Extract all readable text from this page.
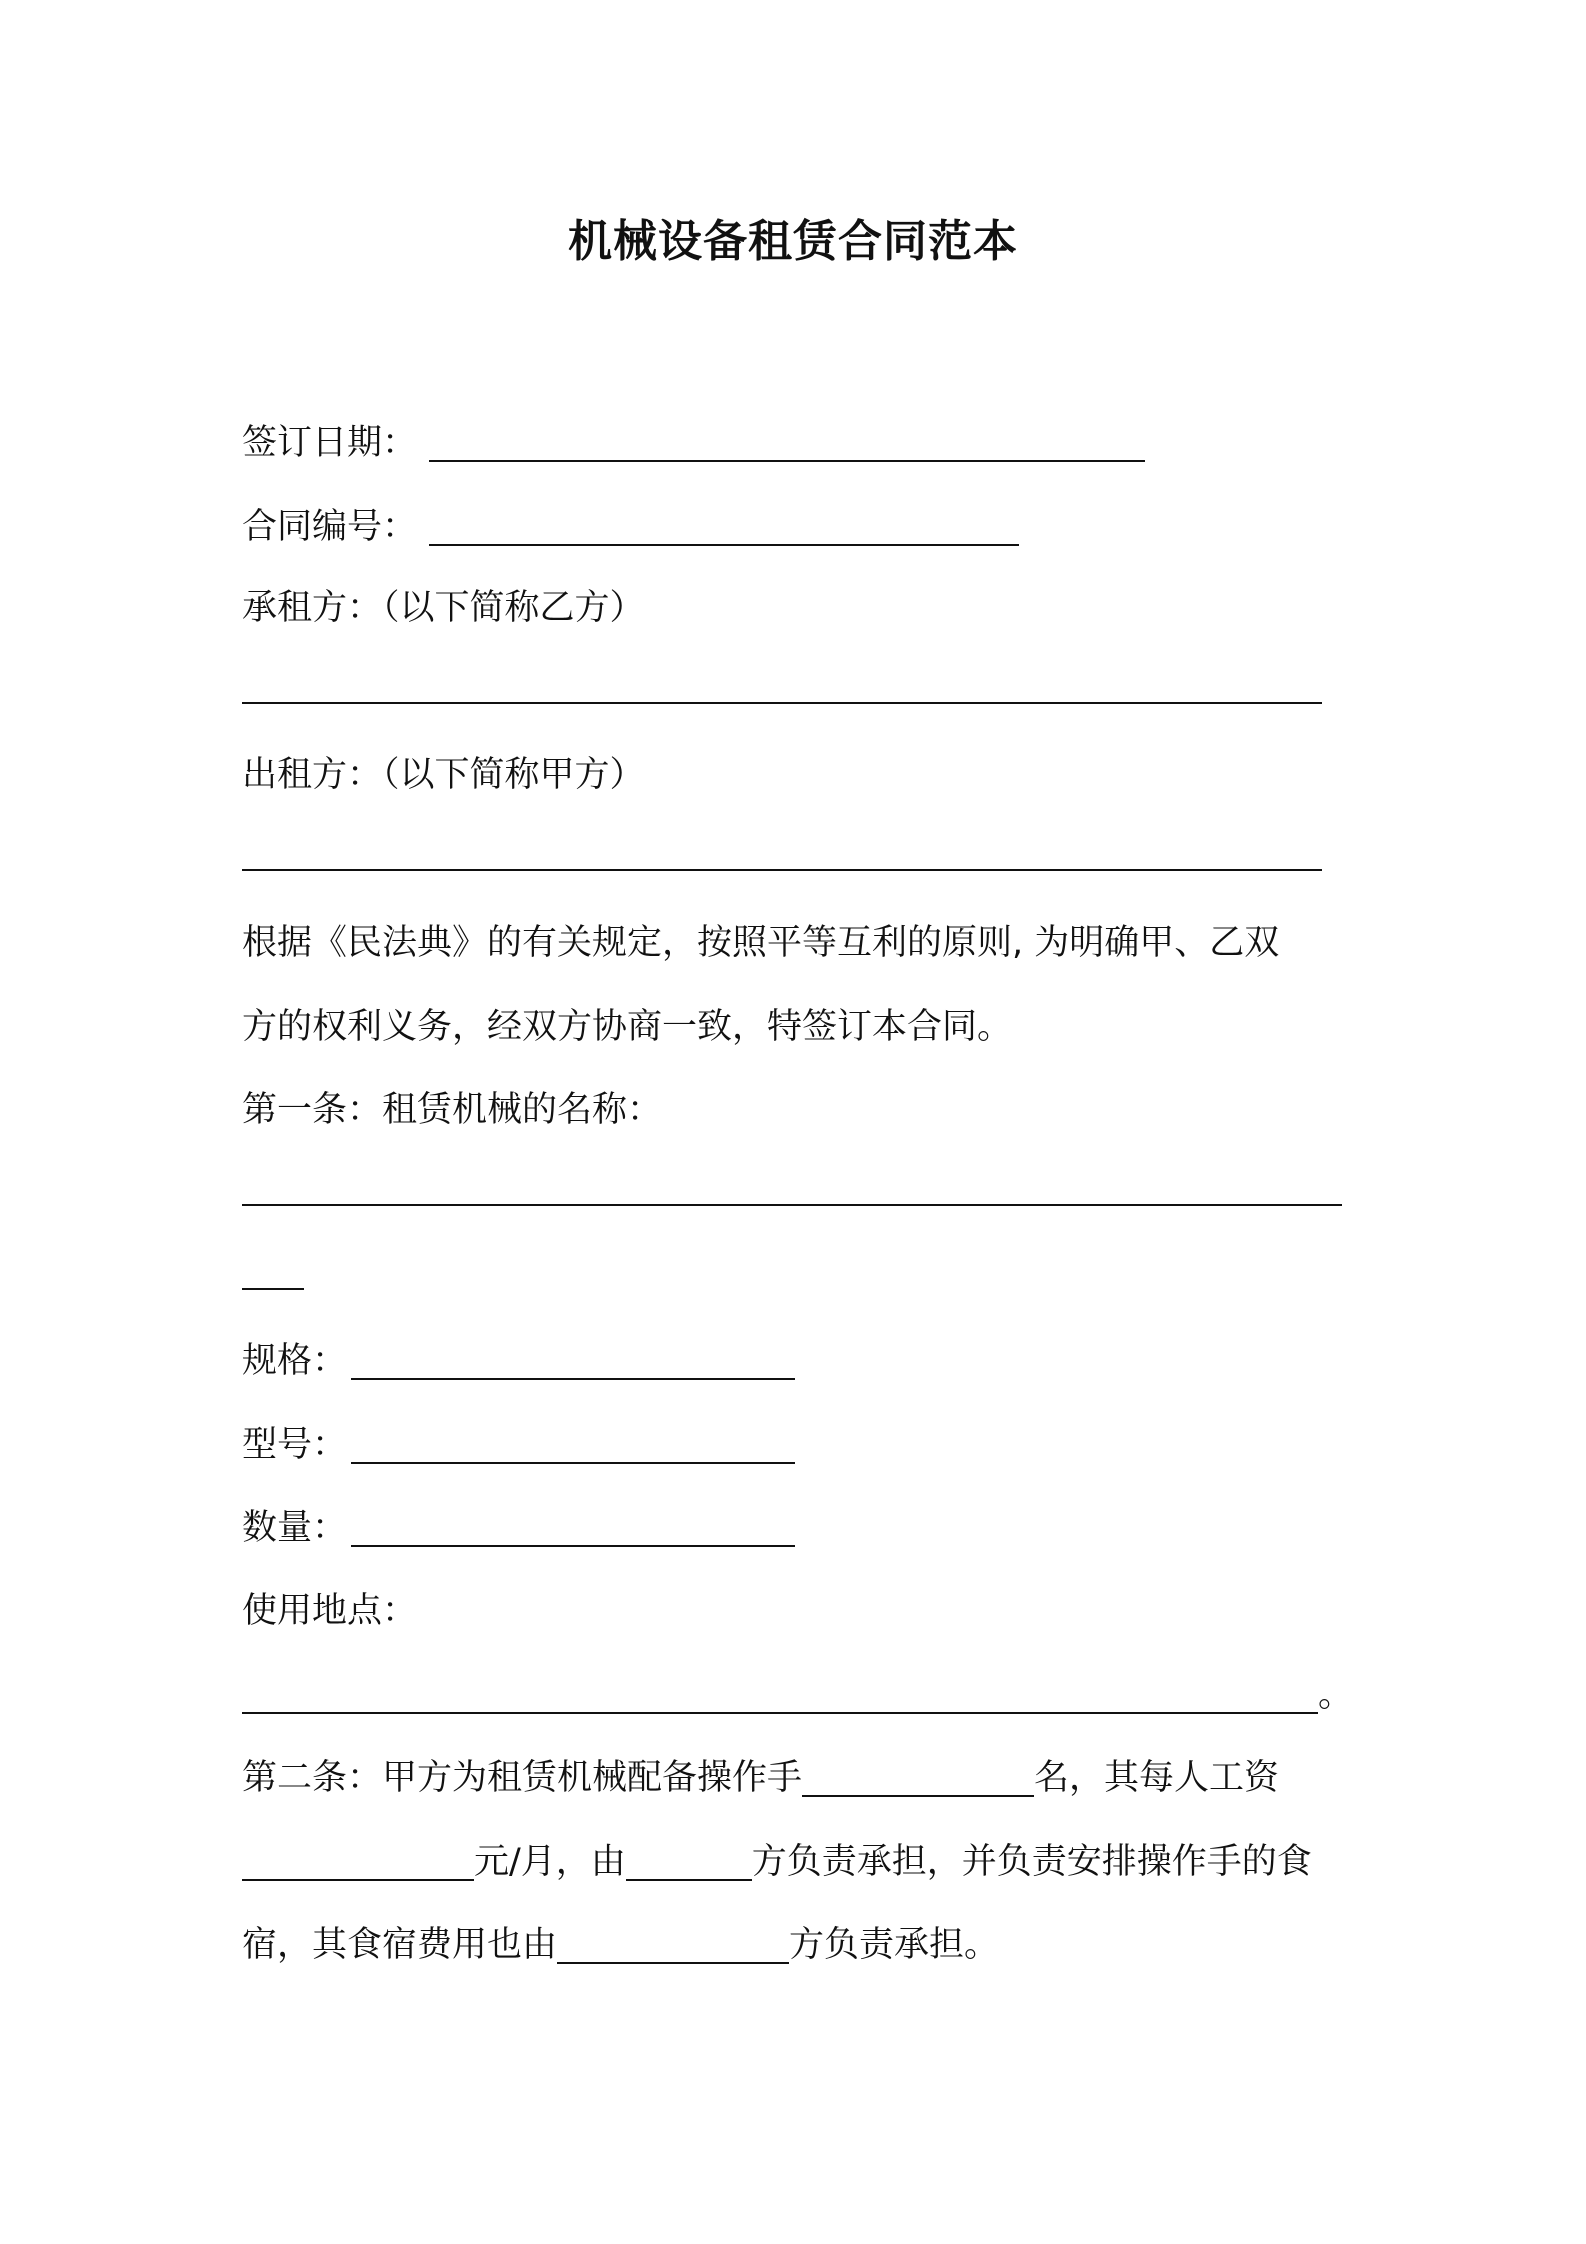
机械设备租赁合同范本
签订日期：
合同编号：
承租方：（以下简称乙方）
出租方：（以下简称甲方）
根据《民法典》的有关规定，按照平等互利的原则, 为明确甲、乙双
方的权利义务，经双方协商一致，特签订本合同。
第一条：租赁机械的名称：
规格：
型号：
数量：
使用地点：
。
第二条：甲方为租赁机械配备操作手	名，其每人工资
元/月，由	方负责承担，并负责安排操作手的食
宿，其食宿费用也由	方负责承担。
